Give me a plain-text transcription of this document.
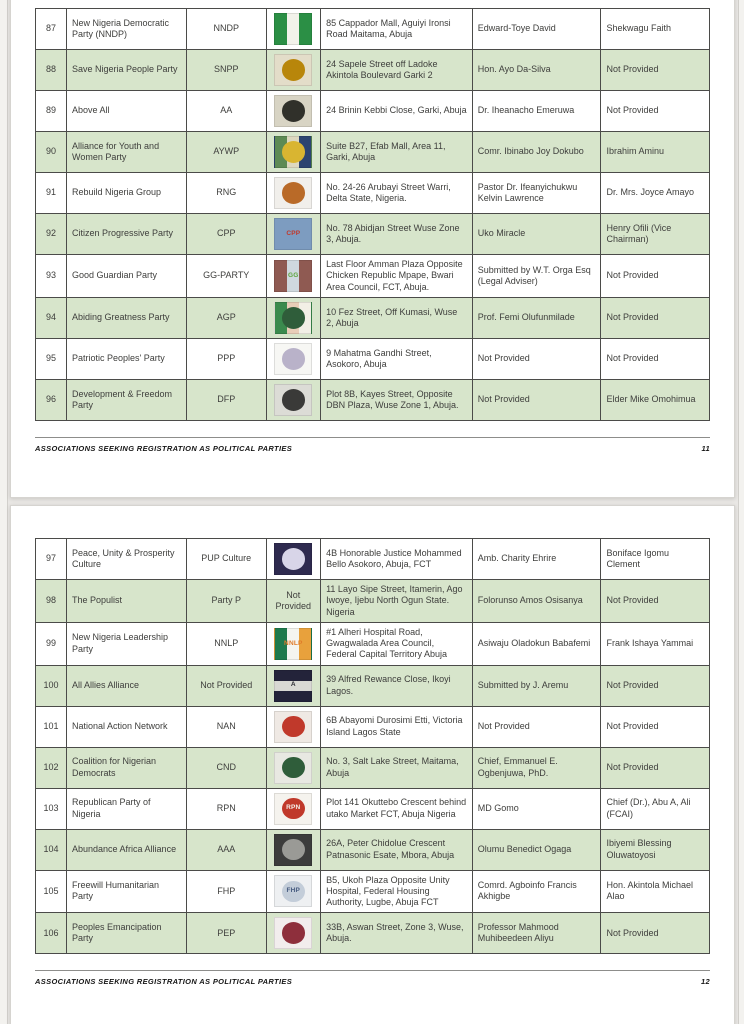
87	New Nigeria Democratic Party (NNDP)	NNDP		85 Cappador Mall, Aguiyi Ironsi Road Maitama, Abuja	Edward-Toye David	Shekwagu Faith
88	Save Nigeria People Party	SNPP		24 Sapele Street off Ladoke Akintola Boulevard Garki 2	Hon. Ayo Da-Silva	Not Provided
89	Above All	AA		24 Brinin Kebbi Close, Garki, Abuja	Dr. Iheanacho Emeruwa	Not Provided
90	Alliance for Youth and Women Party	AYWP		Suite B27, Efab Mall, Area 11, Garki, Abuja	Comr. Ibinabo Joy Dokubo	Ibrahim Aminu
91	Rebuild Nigeria Group	RNG		No. 24-26 Arubayi Street Warri, Delta State, Nigeria.	Pastor Dr. Ifeanyichukwu Kelvin Lawrence	Dr. Mrs. Joyce Amayo
92	Citizen Progressive Party	CPP	CPP	No. 78 Abidjan Street Wuse Zone 3, Abuja.	Uko Miracle	Henry Ofili (Vice Chairman)
93	Good Guardian Party	GG-PARTY	GG	Last Floor Amman Plaza Opposite Chicken Republic Mpape, Bwari Area Council, FCT, Abuja.	Submitted by W.T. Orga Esq (Legal Adviser)	Not Provided
94	Abiding Greatness Party	AGP		10 Fez Street, Off Kumasi, Wuse 2, Abuja	Prof. Femi Olufunmilade	Not Provided
95	Patriotic Peoples' Party	PPP		9 Mahatma Gandhi Street, Asokoro, Abuja	Not Provided	Not Provided
96	Development & Freedom Party	DFP		Plot 8B, Kayes Street, Opposite DBN Plaza, Wuse Zone 1, Abuja.	Not Provided	Elder Mike Omohimua
ASSOCIATIONS SEEKING REGISTRATION AS POLITICAL PARTIES	11
97	Peace, Unity & Prosperity Culture	PUP Culture		4B Honorable Justice Mohammed Bello Asokoro, Abuja, FCT	Amb. Charity Ehrire	Boniface Igomu Clement
98	The Populist	Party P	Not Provided	11 Layo Sipe Street, Itamerin, Ago Iwoye, Ijebu North Ogun State. Nigeria	Folorunso Amos Osisanya	Not Provided
99	New Nigeria Leadership Party	NNLP	NNLP	#1 Alheri Hospital Road, Gwagwalada Area Council, Federal Capital Territory Abuja	Asiwaju Oladokun Babafemi	Frank Ishaya Yammai
100	All Allies Alliance	Not Provided	A	39 Alfred Rewance Close, Ikoyi Lagos.	Submitted by J. Aremu	Not Provided
101	National Action Network	NAN		6B Abayomi Durosimi Etti, Victoria Island Lagos State	Not Provided	Not Provided
102	Coalition for Nigerian Democrats	CND		No. 3, Salt Lake Street, Maitama, Abuja	Chief, Emmanuel E. Ogbenjuwa, PhD.	Not Provided
103	Republican Party of Nigeria	RPN	RPN	Plot 141 Okuttebo Crescent behind utako Market FCT, Abuja Nigeria	MD Gomo	Chief (Dr.), Abu A, Ali (FCAI)
104	Abundance Africa Alliance	AAA		26A, Peter Chidolue Crescent Patnasonic Esate, Mbora, Abuja	Olumu Benedict Ogaga	Ibiyemi Blessing Oluwatoyosi
105	Freewill Humanitarian Party	FHP	FHP	B5, Ukoh Plaza Opposite Unity Hospital, Federal Housing Authority, Lugbe, Abuja FCT	Comrd. Agboinfo Francis Akhigbe	Hon. Akintola Michael Alao
106	Peoples Emancipation Party	PEP		33B, Aswan Street, Zone 3, Wuse, Abuja.	Professor Mahmood Muhibeedeen Aliyu	Not Provided
ASSOCIATIONS SEEKING REGISTRATION AS POLITICAL PARTIES	12
